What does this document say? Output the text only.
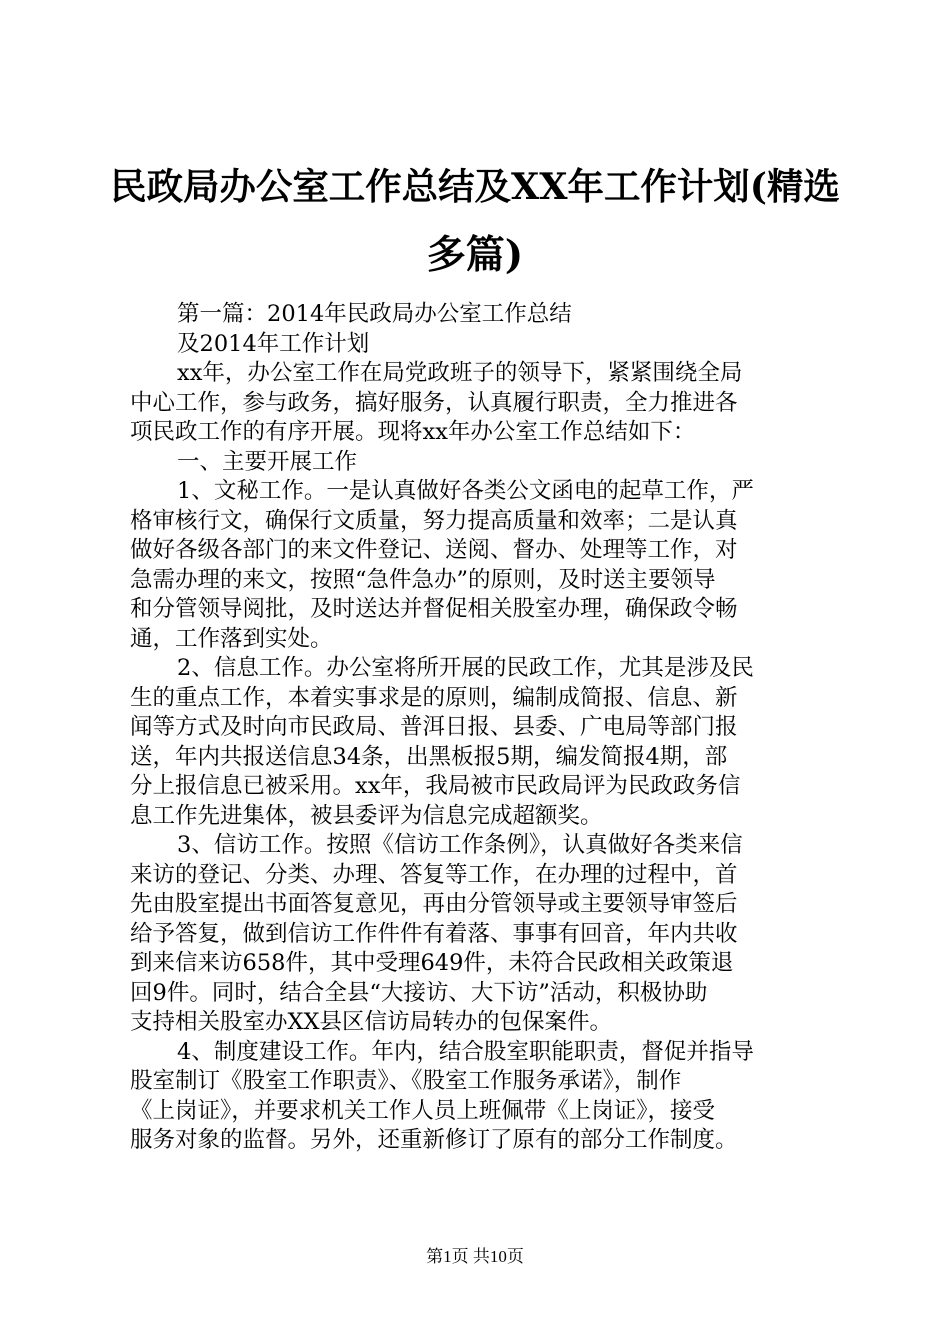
民政局办公室工作总结及XX年工作计划(精选
多篇)
第一篇：2014年民政局办公室工作总结
及2014年工作计划
xx年，办公室工作在局党政班子的领导下，紧紧围绕全局
中心工作，参与政务，搞好服务，认真履行职责，全力推进各
项民政工作的有序开展。现将xx年办公室工作总结如下：
一、主要开展工作
1、文秘工作。一是认真做好各类公文函电的起草工作，严
格审核行文，确保行文质量，努力提高质量和效率；二是认真
做好各级各部门的来文件登记、送阅、督办、处理等工作，对
急需办理的来文，按照“急件急办”的原则，及时送主要领导
和分管领导阅批，及时送达并督促相关股室办理，确保政令畅
通，工作落到实处。
2、信息工作。办公室将所开展的民政工作，尤其是涉及民
生的重点工作，本着实事求是的原则，编制成简报、信息、新
闻等方式及时向市民政局、普洱日报、县委、广电局等部门报
送，年内共报送信息34条，出黑板报5期，编发简报4期，部
分上报信息已被采用。xx年，我局被市民政局评为民政政务信
息工作先进集体，被县委评为信息完成超额奖。
3、信访工作。按照《信访工作条例》，认真做好各类来信
来访的登记、分类、办理、答复等工作，在办理的过程中，首
先由股室提出书面答复意见，再由分管领导或主要领导审签后
给予答复，做到信访工作件件有着落、事事有回音，年内共收
到来信来访658件，其中受理649件，未符合民政相关政策退
回9件。同时，结合全县“大接访、大下访”活动，积极协助
支持相关股室办XX县区信访局转办的包保案件。
4、制度建设工作。年内，结合股室职能职责，督促并指导
股室制订《股室工作职责》、《股室工作服务承诺》，制作
《上岗证》，并要求机关工作人员上班佩带《上岗证》，接受
服务对象的监督。另外，还重新修订了原有的部分工作制度。
第1页 共10页
